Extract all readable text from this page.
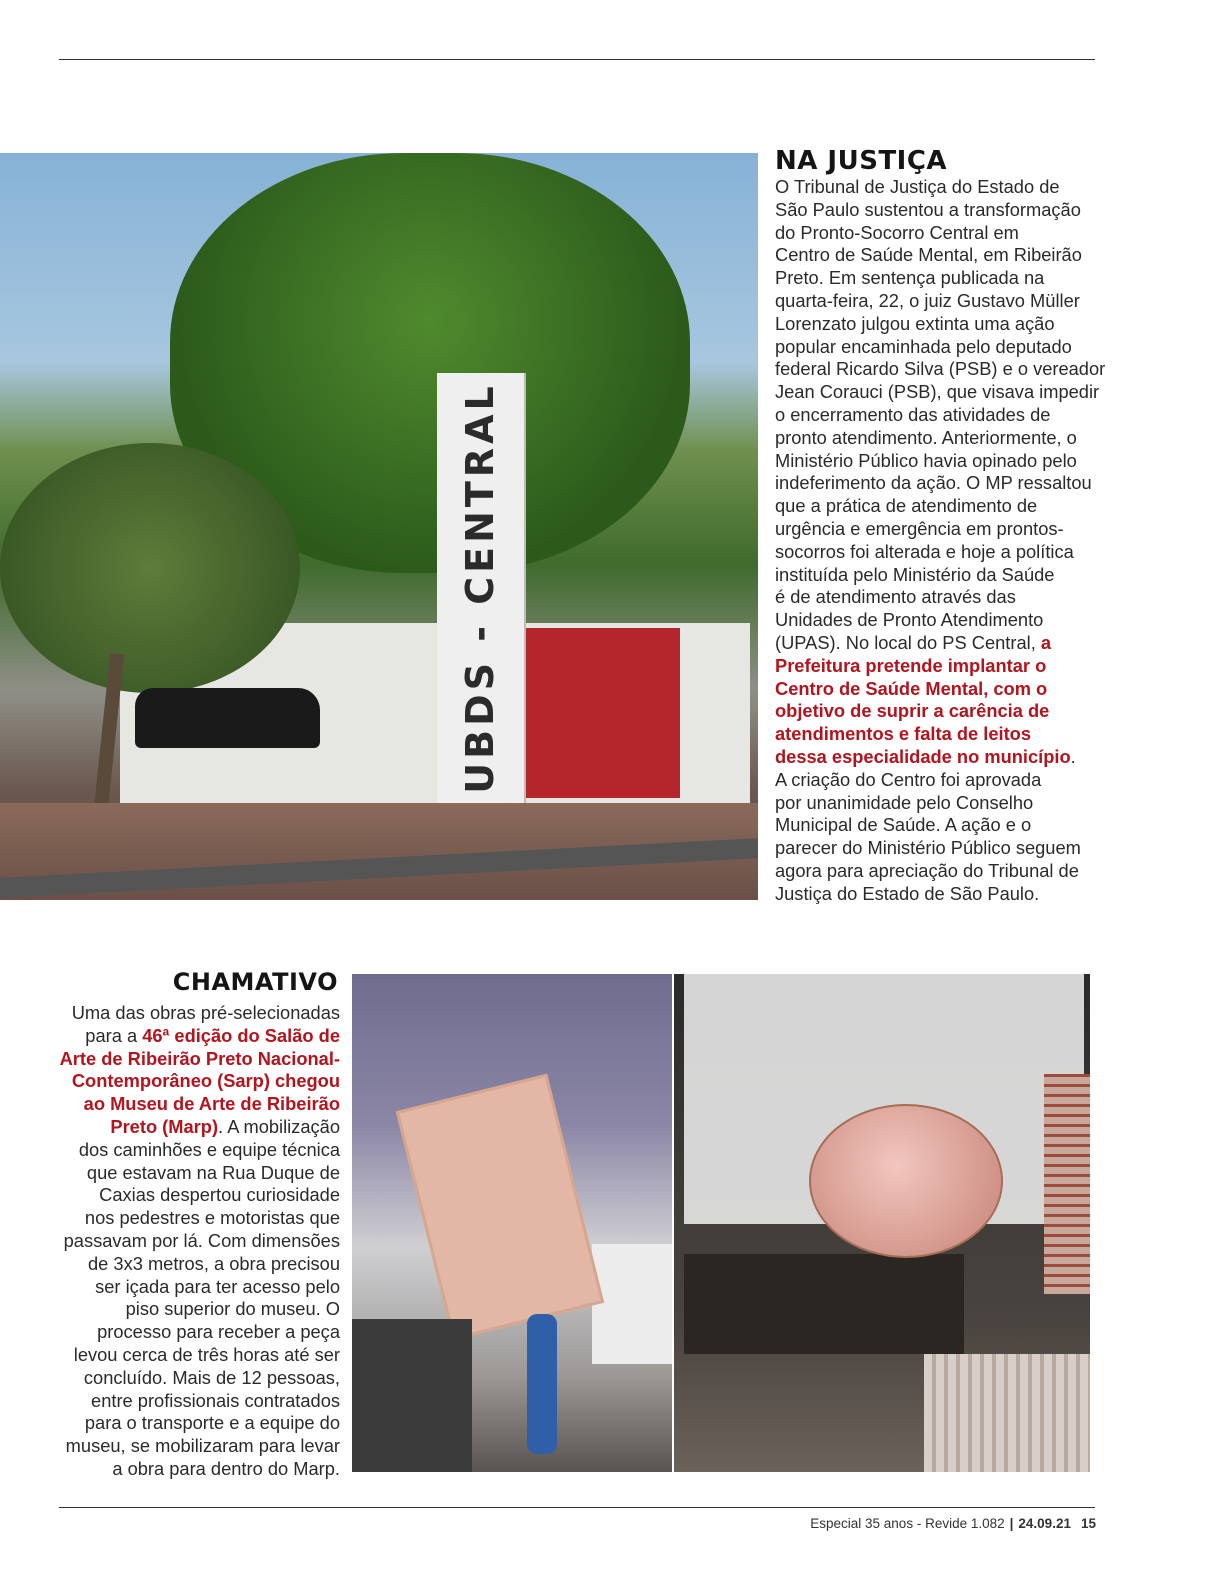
UBDS - CENTRAL
NA JUSTIÇA
O Tribunal de Justiça do Estado de
São Paulo sustentou a transformação
do Pronto-Socorro Central em
Centro de Saúde Mental, em Ribeirão
Preto. Em sentença publicada na
quarta-feira, 22, o juiz Gustavo Müller
Lorenzato julgou extinta uma ação
popular encaminhada pelo deputado
federal Ricardo Silva (PSB) e o vereador
Jean Corauci (PSB), que visava impedir
o encerramento das atividades de
pronto atendimento. Anteriormente, o
Ministério Público havia opinado pelo
indeferimento da ação. O MP ressaltou
que a prática de atendimento de
urgência e emergência em prontos-
socorros foi alterada e hoje a política
instituída pelo Ministério da Saúde
é de atendimento através das
Unidades de Pronto Atendimento
(UPAS). No local do PS Central, a
Prefeitura pretende implantar o
Centro de Saúde Mental, com o
objetivo de suprir a carência de
atendimentos e falta de leitos
dessa especialidade no município.
A criação do Centro foi aprovada
por unanimidade pelo Conselho
Municipal de Saúde. A ação e o
parecer do Ministério Público seguem
agora para apreciação do Tribunal de
Justiça do Estado de São Paulo.
CHAMATIVO
Uma das obras pré-selecionadas
para a 46ª edição do Salão de
Arte de Ribeirão Preto Nacional-
Contemporâneo (Sarp) chegou
ao Museu de Arte de Ribeirão
Preto (Marp). A mobilização
dos caminhões e equipe técnica
que estavam na Rua Duque de
Caxias despertou curiosidade
nos pedestres e motoristas que
passavam por lá. Com dimensões
de 3x3 metros, a obra precisou
ser içada para ter acesso pelo
piso superior do museu. O
processo para receber a peça
levou cerca de três horas até ser
concluído. Mais de 12 pessoas,
entre profissionais contratados
para o transporte e a equipe do
museu, se mobilizaram para levar
a obra para dentro do Marp.
Especial 35 anos - Revide 1.082 | 24.09.21 15
